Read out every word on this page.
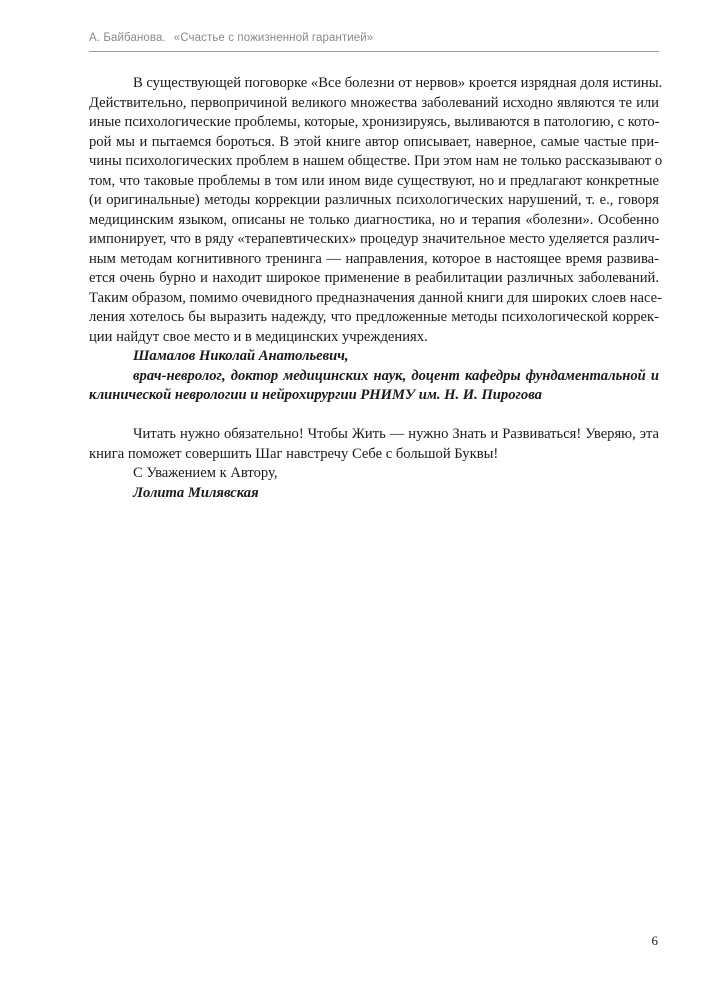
А. Байбанова. «Счастье с пожизненной гарантией»
В существующей поговорке «Все болезни от нервов» кроется изрядная доля истины.
Действительно, первопричиной великого множества заболеваний исходно являются те или
иные психологические проблемы, которые, хронизируясь, выливаются в патологию, с кото-
рой мы и пытаемся бороться. В этой книге автор описывает, наверное, самые частые при-
чины психологических проблем в нашем обществе. При этом нам не только рассказывают о
том, что таковые проблемы в том или ином виде существуют, но и предлагают конкретные
(и оригинальные) методы коррекции различных психологических нарушений, т. е., говоря
медицинским языком, описаны не только диагностика, но и терапия «болезни». Особенно
импонирует, что в ряду «терапевтических» процедур значительное место уделяется различ-
ным методам когнитивного тренинга — направления, которое в настоящее время развива-
ется очень бурно и находит широкое применение в реабилитации различных заболеваний.
Таким образом, помимо очевидного предназначения данной книги для широких слоев насе-
ления хотелось бы выразить надежду, что предложенные методы психологической коррек-
ции найдут свое место и в медицинских учреждениях.
Шамалов Николай Анатольевич,
врач-невролог, доктор медицинских наук, доцент кафедры фундаментальной и
клинической неврологии и нейрохирургии РНИМУ им. Н. И. Пирогова
Читать нужно обязательно! Чтобы Жить — нужно Знать и Развиваться! Уверяю, эта
книга поможет совершить Шаг навстречу Себе с большой Буквы!
С Уважением к Автору,
Лолита Милявская
6
